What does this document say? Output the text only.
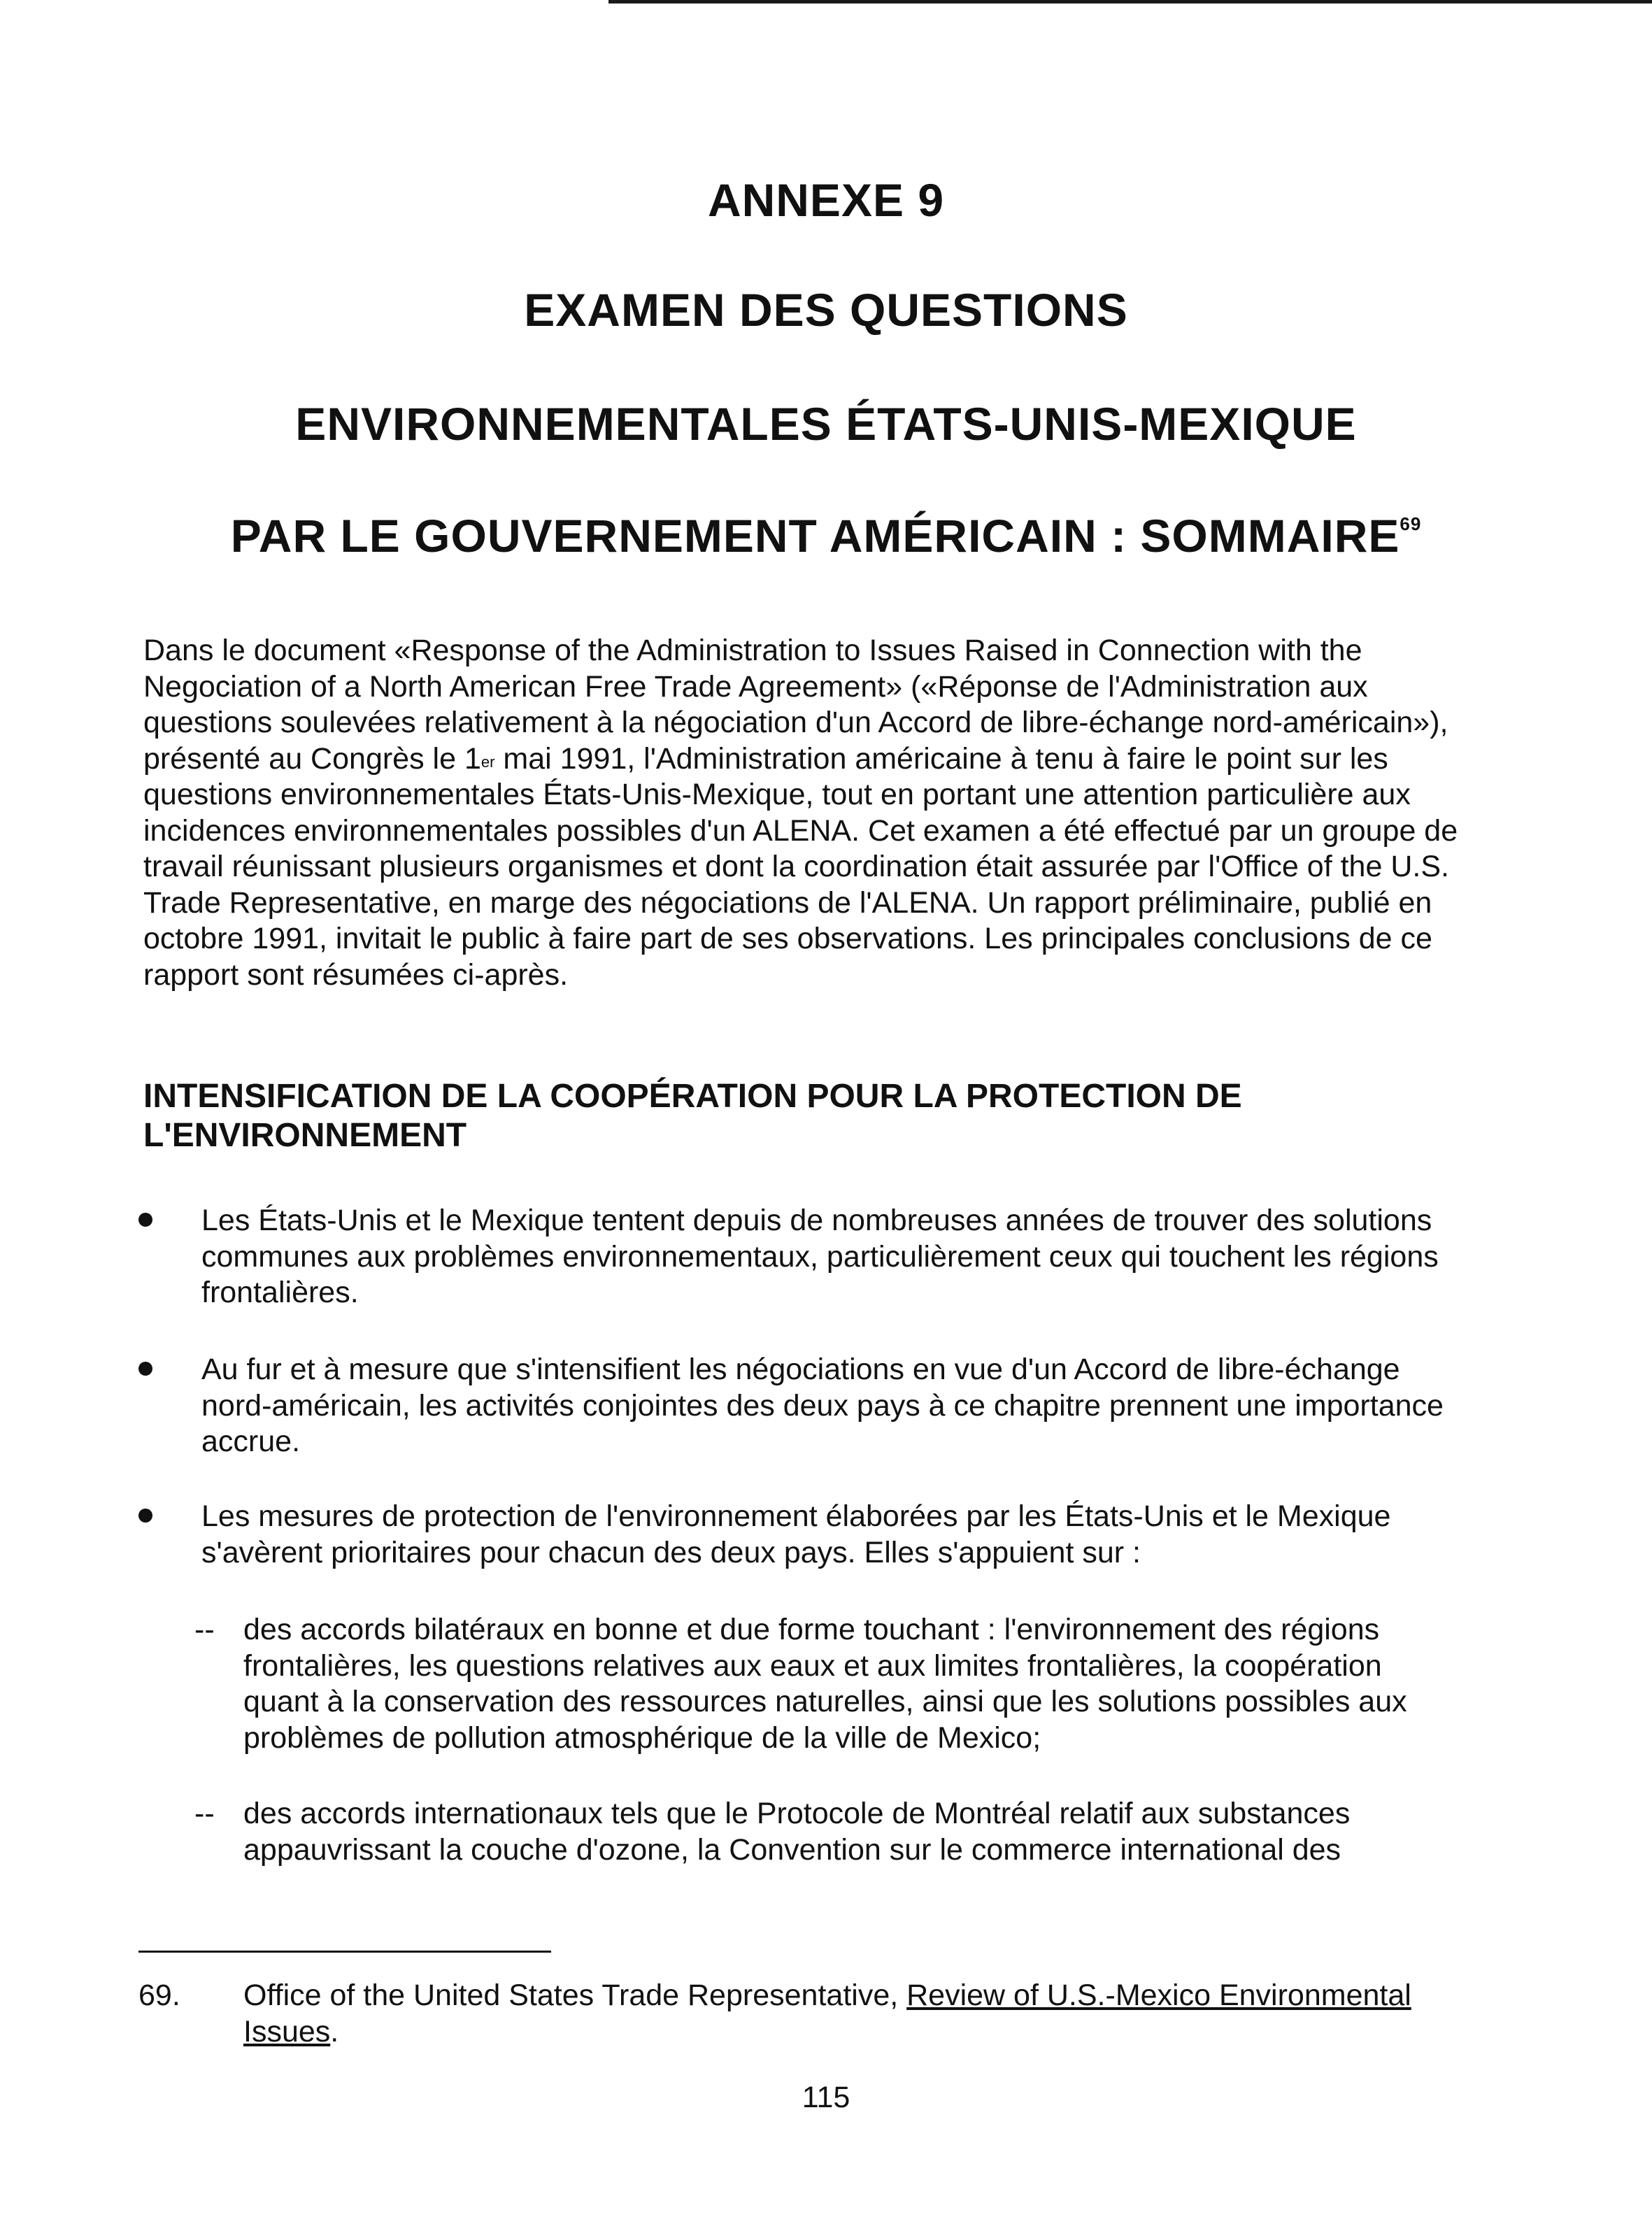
ANNEXE 9
EXAMEN DES QUESTIONS
ENVIRONNEMENTALES ÉTATS-UNIS-MEXIQUE
PAR LE GOUVERNEMENT AMÉRICAIN : SOMMAIRE$^{69}$
Dans le document «Response of the Administration to Issues Raised in Connection with the Negociation of a North American Free Trade Agreement» («Réponse de l'Administration aux questions soulevées relativement à la négociation d'un Accord de libre-échange nord-américain»), présenté au Congrès le 1er mai 1991, l'Administration américaine à tenu à faire le point sur les questions environnementales États-Unis-Mexique, tout en portant une attention particulière aux incidences environnementales possibles d'un ALENA. Cet examen a été effectué par un groupe de travail réunissant plusieurs organismes et dont la coordination était assurée par l'Office of the U.S. Trade Representative, en marge des négociations de l'ALENA. Un rapport préliminaire, publié en octobre 1991, invitait le public à faire part de ses observations. Les principales conclusions de ce rapport sont résumées ci-après.
INTENSIFICATION DE LA COOPÉRATION POUR LA PROTECTION DE L'ENVIRONNEMENT
Les États-Unis et le Mexique tentent depuis de nombreuses années de trouver des solutions communes aux problèmes environnementaux, particulièrement ceux qui touchent les régions frontalières.
Au fur et à mesure que s'intensifient les négociations en vue d'un Accord de libre-échange nord-américain, les activités conjointes des deux pays à ce chapitre prennent une importance accrue.
Les mesures de protection de l'environnement élaborées par les États-Unis et le Mexique s'avèrent prioritaires pour chacun des deux pays. Elles s'appuient sur :
-- des accords bilatéraux en bonne et due forme touchant : l'environnement des régions frontalières, les questions relatives aux eaux et aux limites frontalières, la coopération quant à la conservation des ressources naturelles, ainsi que les solutions possibles aux problèmes de pollution atmosphérique de la ville de Mexico;
-- des accords internationaux tels que le Protocole de Montréal relatif aux substances appauvrissant la couche d'ozone, la Convention sur le commerce international des
69. Office of the United States Trade Representative, Review of U.S.-Mexico Environmental Issues.
115
